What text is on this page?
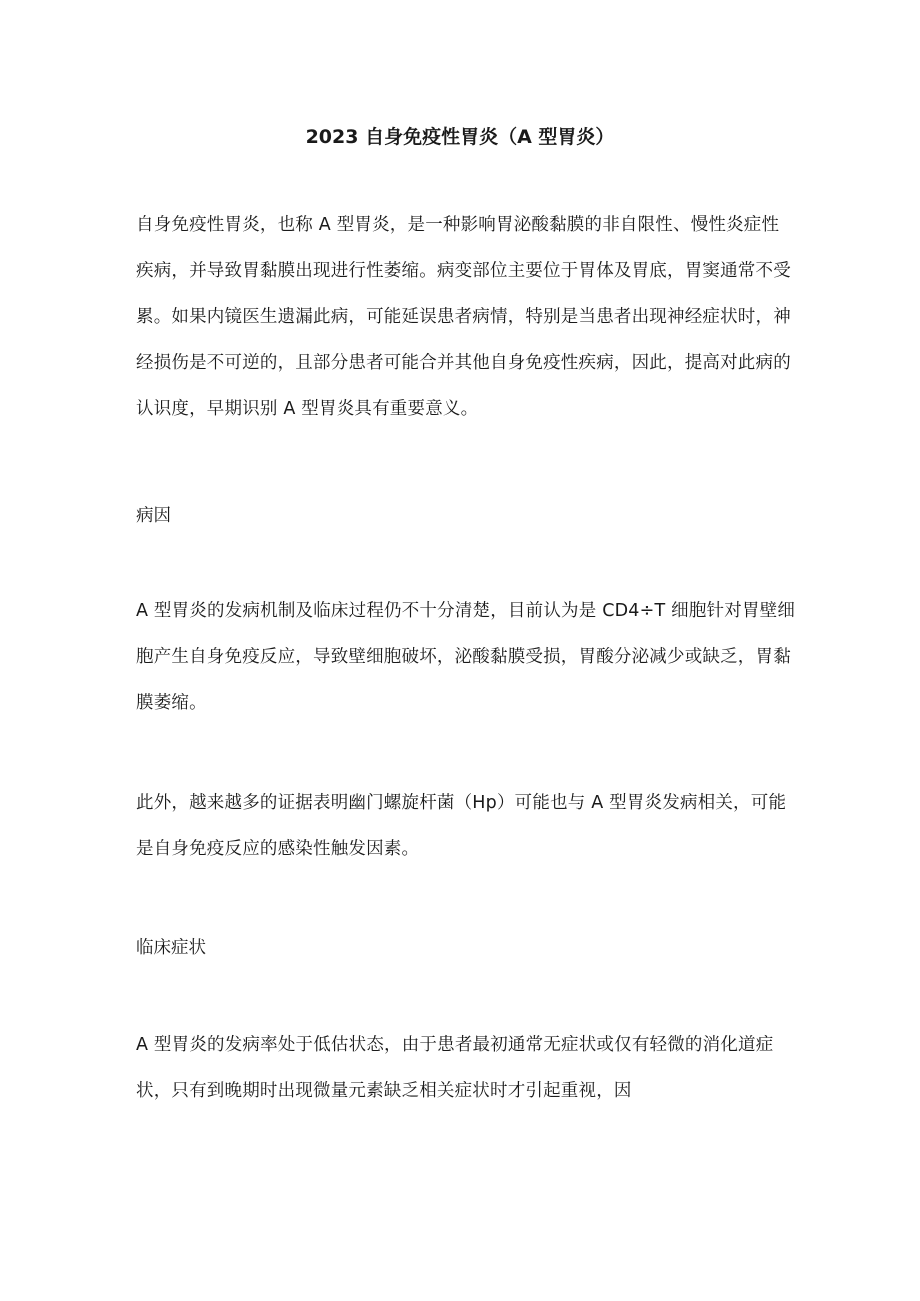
2023 自身免疫性胃炎（A 型胃炎）

自身免疫性胃炎，也称 A 型胃炎，是一种影响胃泌酸黏膜的非自限性、慢性炎症性疾病，并导致胃黏膜出现进行性萎缩。病变部位主要位于胃体及胃底，胃窦通常不受累。如果内镜医生遗漏此病，可能延误患者病情，特别是当患者出现神经症状时，神经损伤是不可逆的，且部分患者可能合并其他自身免疫性疾病，因此，提高对此病的认识度，早期识别 A 型胃炎具有重要意义。

病因

A 型胃炎的发病机制及临床过程仍不十分清楚，目前认为是 CD4÷T 细胞针对胃壁细胞产生自身免疫反应，导致壁细胞破坏，泌酸黏膜受损，胃酸分泌减少或缺乏，胃黏膜萎缩。

此外，越来越多的证据表明幽门螺旋杆菌（Hp）可能也与 A 型胃炎发病相关，可能是自身免疫反应的感染性触发因素。

临床症状

A 型胃炎的发病率处于低估状态，由于患者最初通常无症状或仅有轻微的消化道症状，只有到晚期时出现微量元素缺乏相关症状时才引起重视，因
